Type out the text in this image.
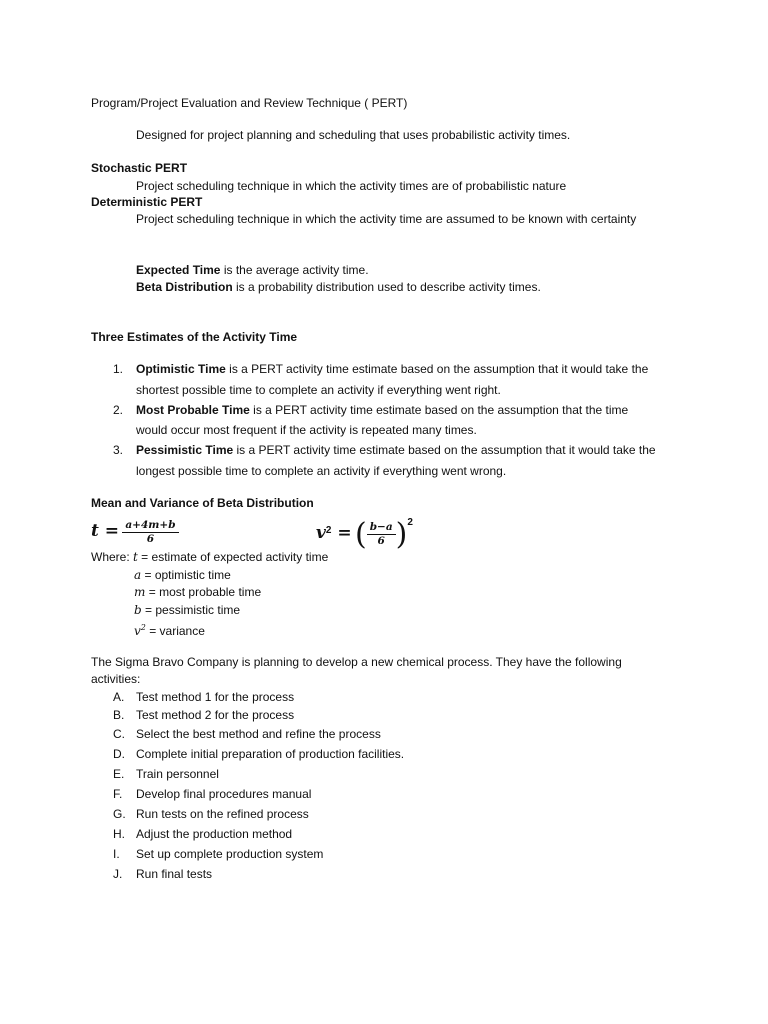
Program/Project Evaluation and Review Technique ( PERT)
Designed for project planning and scheduling that uses probabilistic activity times.
Stochastic PERT
Project scheduling technique in which the activity times are of probabilistic nature
Deterministic PERT
Project scheduling technique in which the activity time are assumed to be known with certainty
Expected Time is the average activity time.
Beta Distribution is a probability distribution used to describe activity times.
Three Estimates of the Activity Time
1. Optimistic Time is a PERT activity time estimate based on the assumption that it would take the
shortest possible time to complete an activity if everything went right.
2. Most Probable Time is a PERT activity time estimate based on the assumption that the time
would occur most frequent if the activity is repeated many times.
3. Pessimistic Time is a PERT activity time estimate based on the assumption that it would take the
longest possible time to complete an activity if everything went wrong.
Mean and Variance of Beta Distribution
$t = \frac{a+4m+b}{6}$	$v^2$ = ( $\frac{b-a}{6} )^2$
Where: t = estimate of expected activity time
a = optimistic time
m = most probable time
b = pessimistic time
$v^2$ = variance
The Sigma Bravo Company is planning to develop a new chemical process. They have the following
activities:
A. Test method 1 for the process
B. Test method 2 for the process
C. Select the best method and refine the process
D. Complete initial preparation of production facilities.
E. Train personnel
F.	Develop final procedures manual
G. Run tests on the refined process
H. Adjust the production method
I.	Set up complete production system
J.	Run final tests
